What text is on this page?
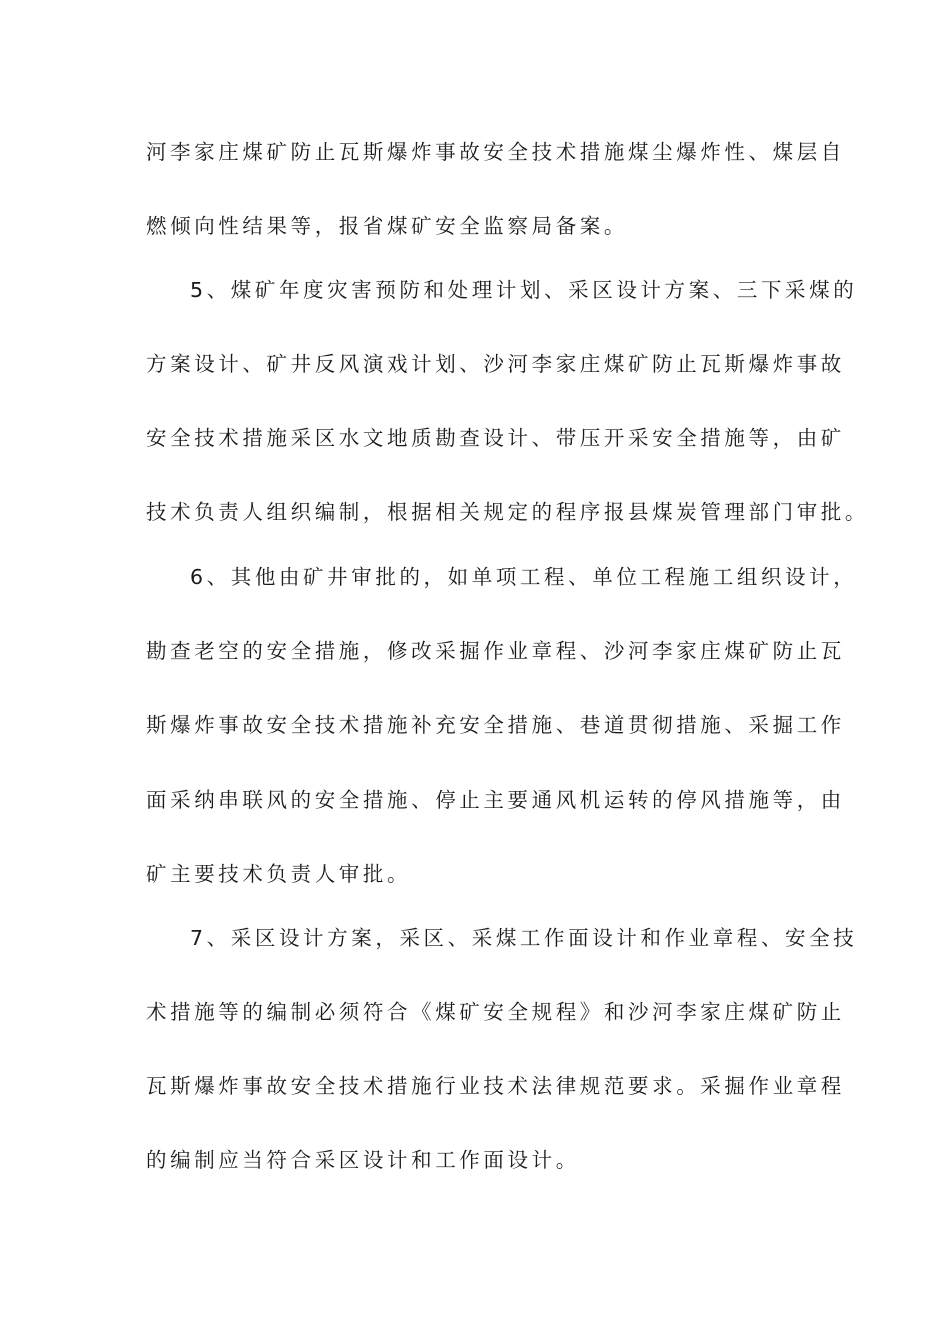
河李家庄煤矿防止瓦斯爆炸事故安全技术措施煤尘爆炸性、煤层自
燃倾向性结果等，报省煤矿安全监察局备案。
5、煤矿年度灾害预防和处理计划、采区设计方案、三下采煤的
方案设计、矿井反风演戏计划、沙河李家庄煤矿防止瓦斯爆炸事故
安全技术措施采区水文地质勘查设计、带压开采安全措施等，由矿
技术负责人组织编制，根据相关规定的程序报县煤炭管理部门审批。
6、其他由矿井审批的，如单项工程、单位工程施工组织设计，
勘查老空的安全措施，修改采掘作业章程、沙河李家庄煤矿防止瓦
斯爆炸事故安全技术措施补充安全措施、巷道贯彻措施、采掘工作
面采纳串联风的安全措施、停止主要通风机运转的停风措施等，由
矿主要技术负责人审批。
7、采区设计方案，采区、采煤工作面设计和作业章程、安全技
术措施等的编制必须符合《煤矿安全规程》和沙河李家庄煤矿防止
瓦斯爆炸事故安全技术措施行业技术法律规范要求。采掘作业章程
的编制应当符合采区设计和工作面设计。
